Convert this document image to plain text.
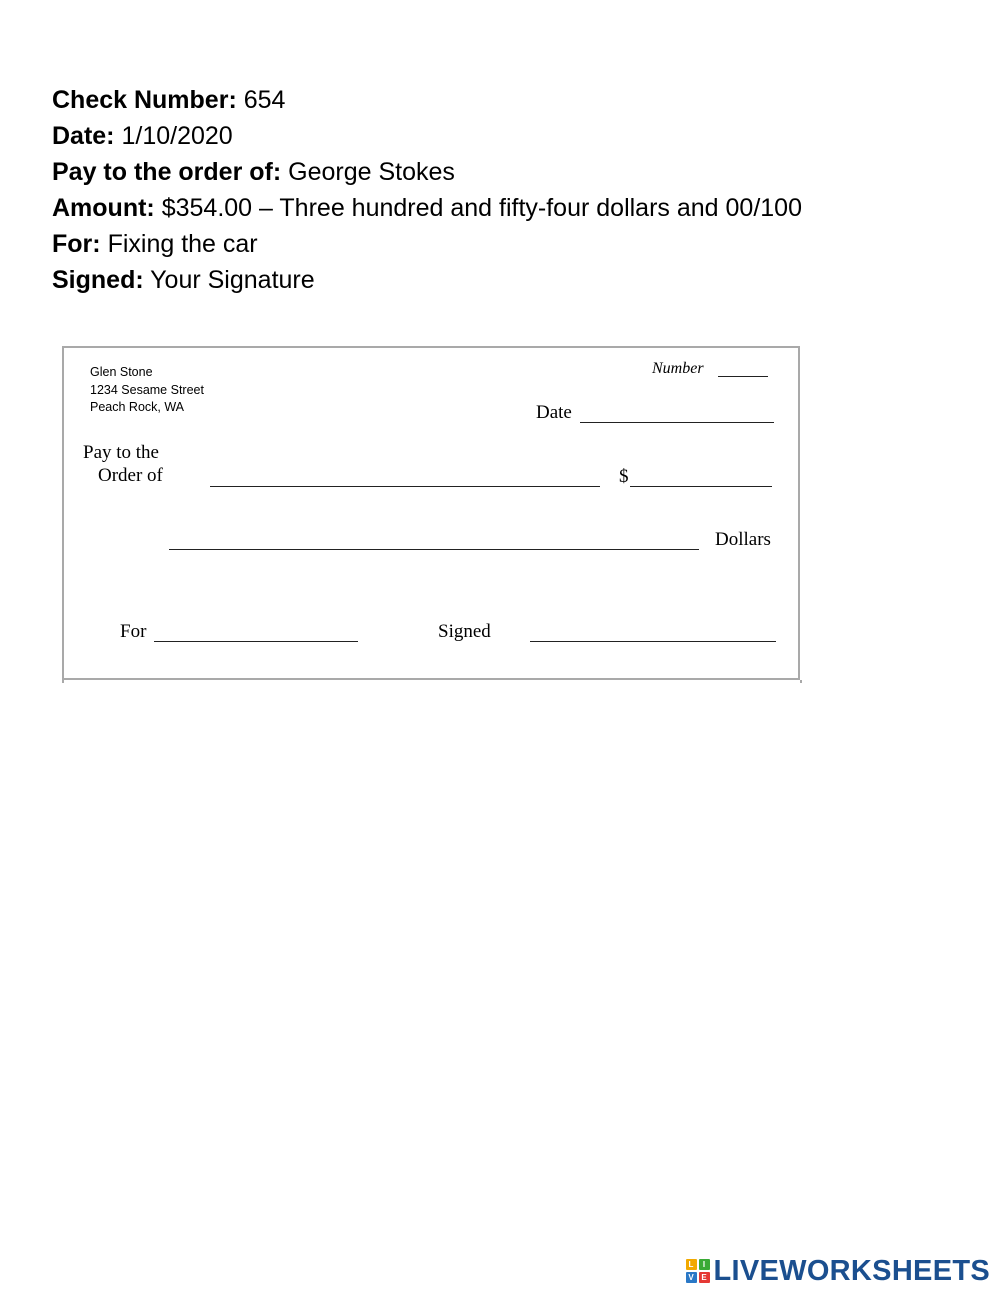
Check Number: 654
Date: 1/10/2020
Pay to the order of: George Stokes
Amount: $354.00 – Three hundred and fifty-four dollars and 00/100
For: Fixing the car
Signed: Your Signature
Glen Stone
1234 Sesame Street
Peach Rock, WA
Number
Date
Pay to the
Order of	$
Dollars
For	Signed
L	I
V E LIVEWORKSHEETS
